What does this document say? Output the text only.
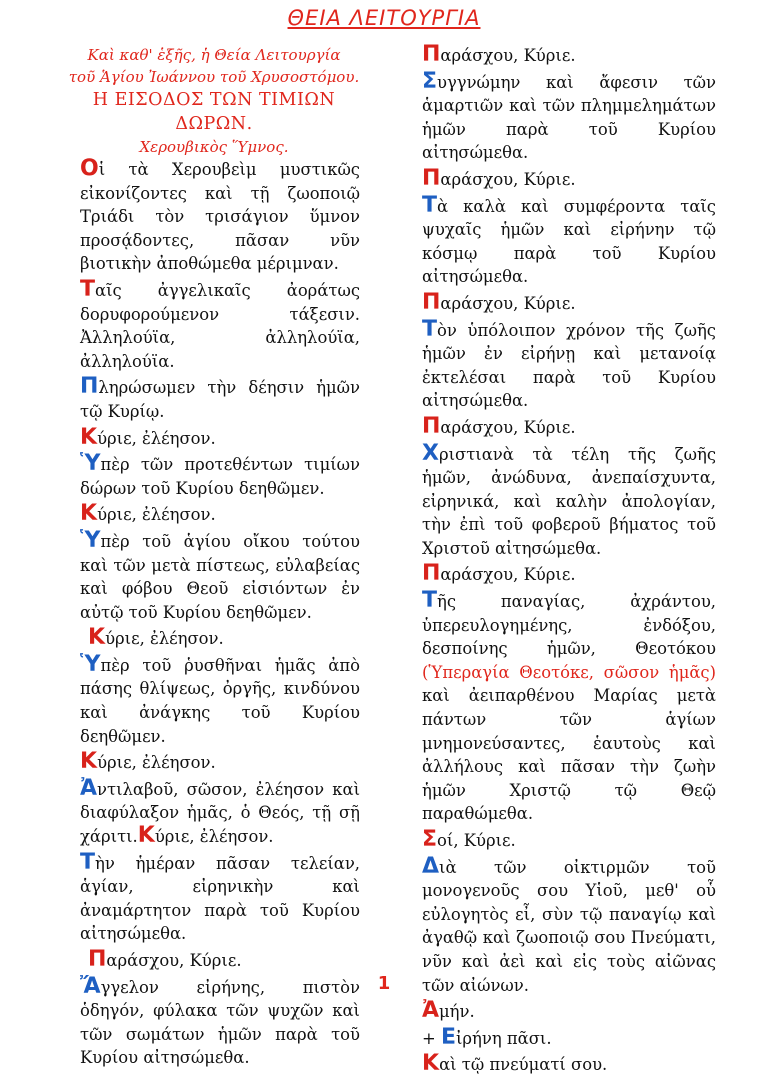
ΘΕΙΑ ΛΕΙΤΟΥΡΓΙΑ

Καὶ καθ' ἑξῆς, ἡ Θεία Λειτουργία

τοῦ Ἁγίου Ἰωάννου τοῦ Χρυσοστόμου.

Η ΕΙΣΟΔΟΣ ΤΩΝ ΤΙΜΙΩΝ

ΔΩΡΩΝ.

Χερουβικὸς Ὕμνος.

Οἱ τὰ Χερουβεὶμ μυστικῶς εἰκονίζοντες καὶ τῇ ζωοποιῷ Τριάδι τὸν τρισάγιον ὕμνον προσᾴδοντες, πᾶσαν νῦν βιοτικὴν ἀποθώμεθα μέριμναν.

Ταῖς ἀγγελικαῖς ἀοράτως δορυφορούμενον τάξεσιν. Ἀλληλούϊα, ἀλληλούϊα, ἀλληλούϊα.

Πληρώσωμεν τὴν δέησιν ἡμῶν τῷ Κυρίῳ.

Κύριε, ἐλέησον.

Ὑπὲρ τῶν προτεθέντων τιμίων δώρων τοῦ Κυρίου δεηθῶμεν.

Κύριε, ἐλέησον.

Ὑπὲρ τοῦ ἁγίου οἴκου τούτου καὶ τῶν μετὰ πίστεως, εὐλαβείας καὶ φόβου Θεοῦ εἰσιόντων ἐν αὐτῷ τοῦ Κυρίου δεηθῶμεν.

Κύριε, ἐλέησον.

Ὑπὲρ τοῦ ῥυσθῆναι ἡμᾶς ἀπὸ πάσης θλίψεως, ὀργῆς, κινδύνου καὶ ἀνάγκης τοῦ Κυρίου δεηθῶμεν.

Κύριε, ἐλέησον.

Ἀντιλαβοῦ, σῶσον, ἐλέησον καὶ διαφύλαξον ἡμᾶς, ὁ Θεός, τῇ σῇ χάριτι.Κύριε, ἐλέησον.

Τὴν ἡμέραν πᾶσαν τελείαν, ἁγίαν, εἰρηνικὴν καὶ ἀναμάρτητον παρὰ τοῦ Κυρίου αἰτησώμεθα.

Παράσχου, Κύριε.

Ἄγγελον εἰρήνης, πιστὸν ὁδηγόν, φύλακα τῶν ψυχῶν καὶ τῶν σωμάτων ἡμῶν παρὰ τοῦ Κυρίου αἰτησώμεθα.

Παράσχου, Κύριε.

Συγγνώμην καὶ ἄφεσιν τῶν ἁμαρτιῶν καὶ τῶν πλημμελημάτων ἡμῶν παρὰ τοῦ Κυρίου αἰτησώμεθα.

Παράσχου, Κύριε.

Τὰ καλὰ καὶ συμφέροντα ταῖς ψυχαῖς ἡμῶν καὶ εἰρήνην τῷ κόσμῳ παρὰ τοῦ Κυρίου αἰτησώμεθα.

Παράσχου, Κύριε.

Τὸν ὑπόλοιπον χρόνον τῆς ζωῆς ἡμῶν ἐν εἰρήνῃ καὶ μετανοίᾳ ἐκτελέσαι παρὰ τοῦ Κυρίου αἰτησώμεθα.

Παράσχου, Κύριε.

Χριστιανὰ τὰ τέλη τῆς ζωῆς ἡμῶν, ἀνώδυνα, ἀνεπαίσχυντα, εἰρηνικά, καὶ καλὴν ἀπολογίαν, τὴν ἐπὶ τοῦ φοβεροῦ βήματος τοῦ Χριστοῦ αἰτησώμεθα.

Παράσχου, Κύριε.

Τῆς παναγίας, ἀχράντου, ὑπερευλογημένης, ἐνδόξου, δεσποίνης ἡμῶν, Θεοτόκου (Ὑπεραγία Θεοτόκε, σῶσον ἡμᾶς) καὶ ἀειπαρθένου Μαρίας μετὰ πάντων τῶν ἁγίων μνημονεύσαντες, ἑαυτοὺς καὶ ἀλλήλους καὶ πᾶσαν τὴν ζωὴν ἡμῶν Χριστῷ τῷ Θεῷ παραθώμεθα.

Σοί, Κύριε.

Διὰ τῶν οἰκτιρμῶν τοῦ μονογενοῦς σου Υἱοῦ, μεθ' οὗ εὐλογητὸς εἶ, σὺν τῷ παναγίῳ καὶ ἀγαθῷ καὶ ζωοποιῷ σου Πνεύματι, νῦν καὶ ἀεὶ καὶ εἰς τοὺς αἰῶνας τῶν αἰώνων.

Ἀμήν.

+ Εἰρήνη πᾶσι.

Καὶ τῷ πνεύματί σου.

1
